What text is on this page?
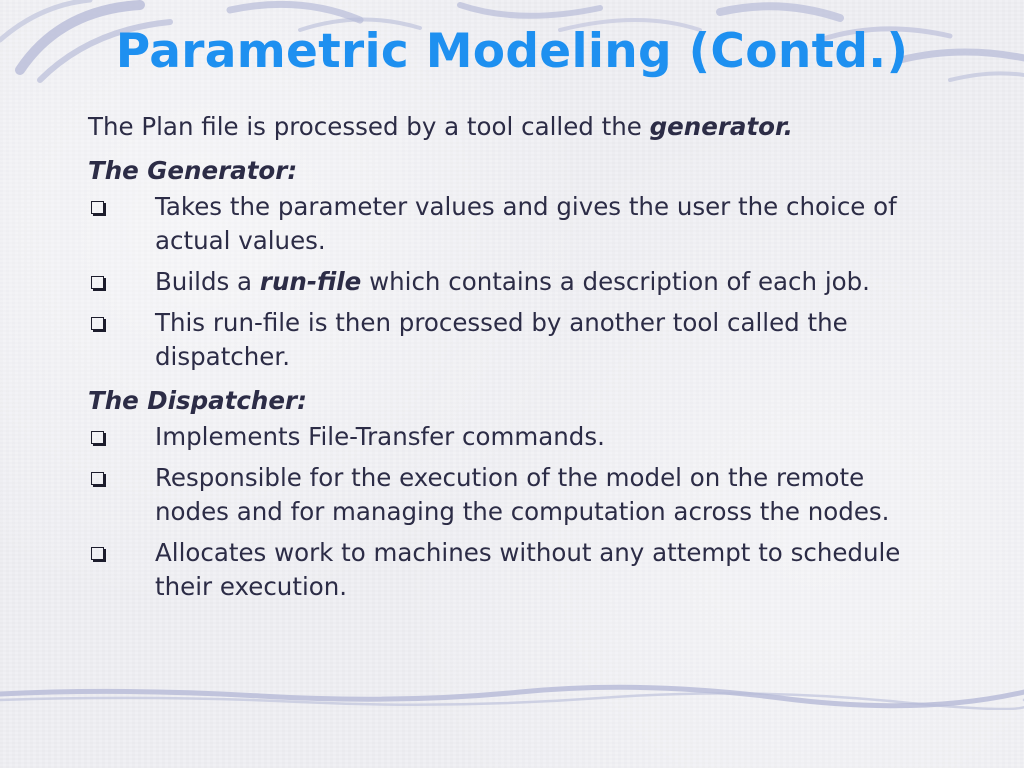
Parametric Modeling (Contd.)

The Plan file is processed by a tool called the generator.

The Generator:

Takes the parameter values and gives the user the choice of actual values.
Builds a run-file which contains a description of each job.
This run-file is then processed by another tool called the dispatcher.

The Dispatcher:

Implements File-Transfer commands.
Responsible for the execution of the model on the remote nodes and for managing the computation across the nodes.
Allocates work to machines without any attempt to schedule their execution.
